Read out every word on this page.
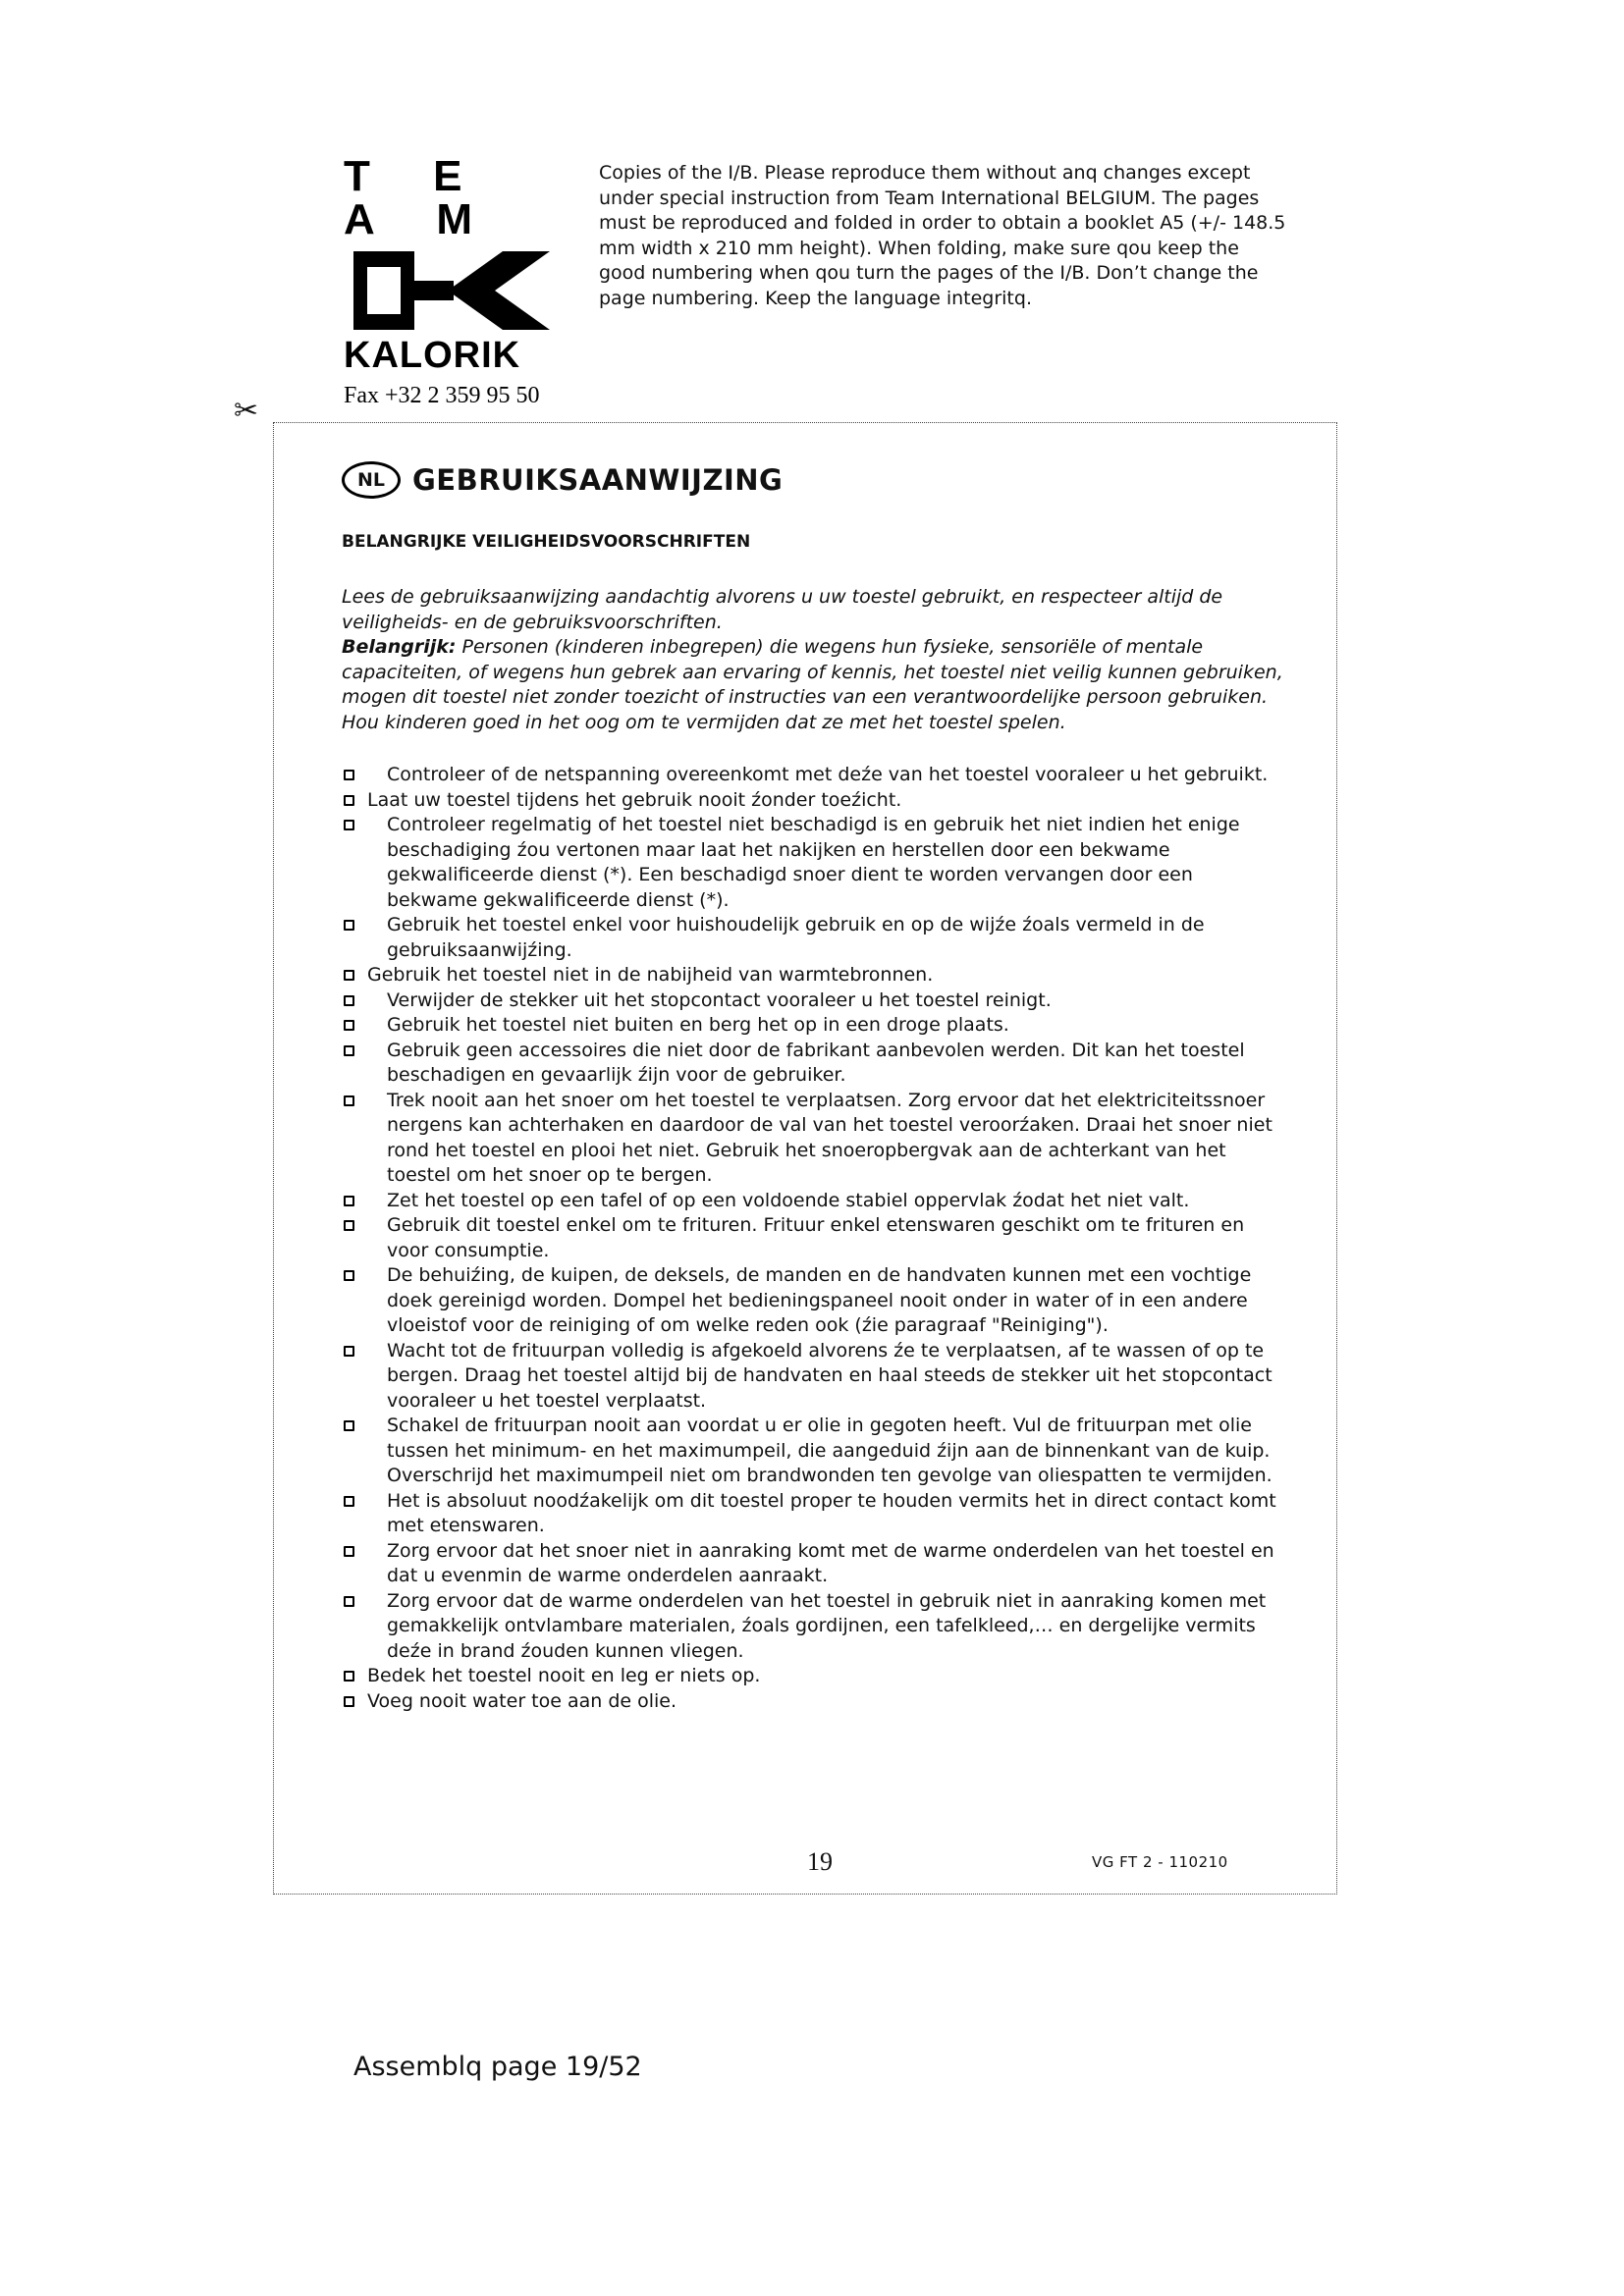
T E A M
KALORIK
Fax +32 2 359 95 50
Copies of the I/B. Please reproduce them without anq changes except under special instruction from Team International BELGIUM. The pages must be reproduced and folded in order to obtain a booklet A5 (+/- 148.5 mm width x 210 mm height). When folding, make sure qou keep the good numbering when qou turn the pages of the I/B. Don’t change the page numbering. Keep the language integritq.
✂
NL GEBRUIKSAANWIJZING
BELANGRIJKE VEILIGHEIDSVOORSCHRIFTEN

Lees de gebruiksaanwijzing aandachtig alvorens u uw toestel gebruikt, en respecteer altijd de veiligheids- en de gebruiksvoorschriften.

Belangrijk: Personen (kinderen inbegrepen) die wegens hun fysieke, sensoriële of mentale capaciteiten, of wegens hun gebrek aan ervaring of kennis, het toestel niet veilig kunnen gebruiken, mogen dit toestel niet zonder toezicht of instructies van een verantwoordelijke persoon gebruiken. Hou kinderen goed in het oog om te vermijden dat ze met het toestel spelen.

Controleer of de netspanning overeenkomt met deźe van het toestel vooraleer u het gebruikt.
Laat uw toestel tijdens het gebruik nooit źonder toeźicht.
Controleer regelmatig of het toestel niet beschadigd is en gebruik het niet indien het enige beschadiging źou vertonen maar laat het nakijken en herstellen door een bekwame gekwalificeerde dienst (*). Een beschadigd snoer dient te worden vervangen door een bekwame gekwalificeerde dienst (*).
Gebruik het toestel enkel voor huishoudelijk gebruik en op de wijźe źoals vermeld in de gebruiksaanwijźing.
Gebruik het toestel niet in de nabijheid van warmtebronnen.
Verwijder de stekker uit het stopcontact vooraleer u het toestel reinigt.
Gebruik het toestel niet buiten en berg het op in een droge plaats.
Gebruik geen accessoires die niet door de fabrikant aanbevolen werden. Dit kan het toestel beschadigen en gevaarlijk źijn voor de gebruiker.
Trek nooit aan het snoer om het toestel te verplaatsen. Zorg ervoor dat het elektriciteitssnoer nergens kan achterhaken en daardoor de val van het toestel veroorźaken. Draai het snoer niet rond het toestel en plooi het niet. Gebruik het snoeropbergvak aan de achterkant van het toestel om het snoer op te bergen.
Zet het toestel op een tafel of op een voldoende stabiel oppervlak źodat het niet valt.
Gebruik dit toestel enkel om te frituren. Frituur enkel etenswaren geschikt om te frituren en voor consumptie.
De behuiźing, de kuipen, de deksels, de manden en de handvaten kunnen met een vochtige doek gereinigd worden. Dompel het bedieningspaneel nooit onder in water of in een andere vloeistof voor de reiniging of om welke reden ook (źie paragraaf "Reiniging").
Wacht tot de frituurpan volledig is afgekoeld alvorens źe te verplaatsen, af te wassen of op te bergen. Draag het toestel altijd bij de handvaten en haal steeds de stekker uit het stopcontact vooraleer u het toestel verplaatst.
Schakel de frituurpan nooit aan voordat u er olie in gegoten heeft. Vul de frituurpan met olie tussen het minimum- en het maximumpeil, die aangeduid źijn aan de binnenkant van de kuip. Overschrijd het maximumpeil niet om brandwonden ten gevolge van oliespatten te vermijden.
Het is absoluut noodźakelijk om dit toestel proper te houden vermits het in direct contact komt met etenswaren.
Zorg ervoor dat het snoer niet in aanraking komt met de warme onderdelen van het toestel en dat u evenmin de warme onderdelen aanraakt.
Zorg ervoor dat de warme onderdelen van het toestel in gebruik niet in aanraking komen met gemakkelijk ontvlambare materialen, źoals gordijnen, een tafelkleed,… en dergelijke vermits deźe in brand źouden kunnen vliegen.
Bedek het toestel nooit en leg er niets op.
Voeg nooit water toe aan de olie.
19	VG FT 2 - 110210
Assemblq page 19/52
